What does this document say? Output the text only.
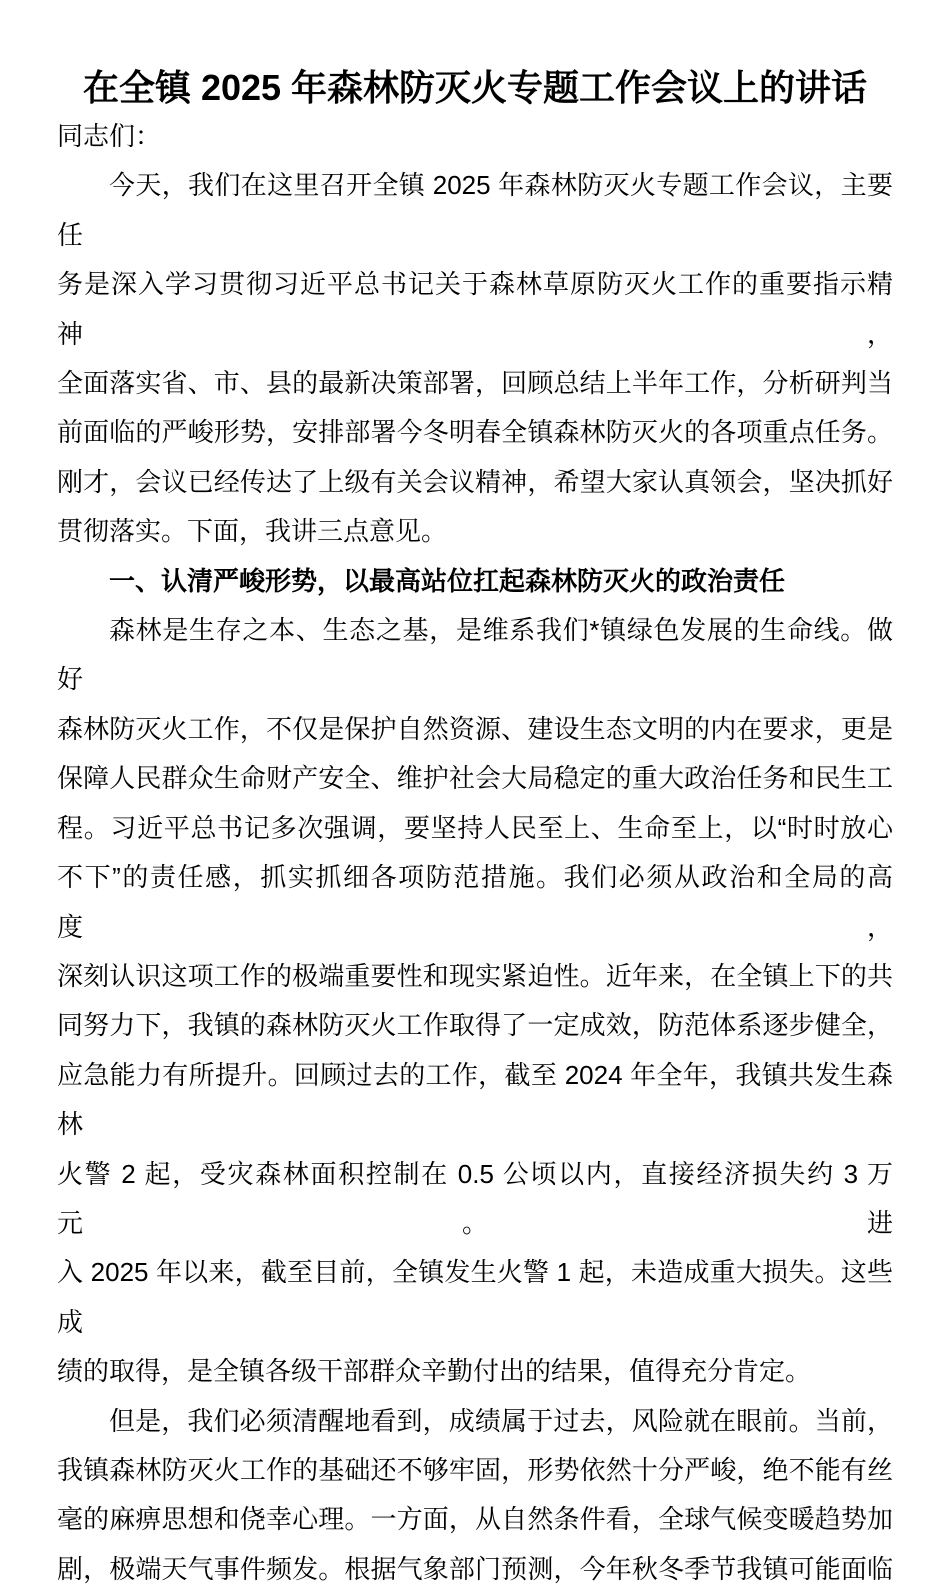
在全镇 2025 年森林防灭火专题工作会议上的讲话
同志们：
今天，我们在这里召开全镇 2025 年森林防灭火专题工作会议，主要任
务是深入学习贯彻习近平总书记关于森林草原防灭火工作的重要指示精神，
全面落实省、市、县的最新决策部署，回顾总结上半年工作，分析研判当
前面临的严峻形势，安排部署今冬明春全镇森林防灭火的各项重点任务。
刚才，会议已经传达了上级有关会议精神，希望大家认真领会，坚决抓好
贯彻落实。下面，我讲三点意见。
一、认清严峻形势，以最高站位扛起森林防灭火的政治责任
森林是生存之本、生态之基，是维系我们*镇绿色发展的生命线。做好
森林防灭火工作，不仅是保护自然资源、建设生态文明的内在要求，更是
保障人民群众生命财产安全、维护社会大局稳定的重大政治任务和民生工
程。习近平总书记多次强调，要坚持人民至上、生命至上，以“时时放心
不下”的责任感，抓实抓细各项防范措施。我们必须从政治和全局的高度，
深刻认识这项工作的极端重要性和现实紧迫性。近年来，在全镇上下的共
同努力下，我镇的森林防灭火工作取得了一定成效，防范体系逐步健全，
应急能力有所提升。回顾过去的工作，截至 2024 年全年，我镇共发生森林
火警 2 起，受灾森林面积控制在 0.5 公顷以内，直接经济损失约 3 万元。进
入 2025 年以来，截至目前，全镇发生火警 1 起，未造成重大损失。这些成
绩的取得，是全镇各级干部群众辛勤付出的结果，值得充分肯定。
但是，我们必须清醒地看到，成绩属于过去，风险就在眼前。当前，
我镇森林防灭火工作的基础还不够牢固，形势依然十分严峻，绝不能有丝
毫的麻痹思想和侥幸心理。一方面，从自然条件看，全球气候变暖趋势加
剧，极端天气事件频发。根据气象部门预测，今年秋冬季节我镇可能面临
